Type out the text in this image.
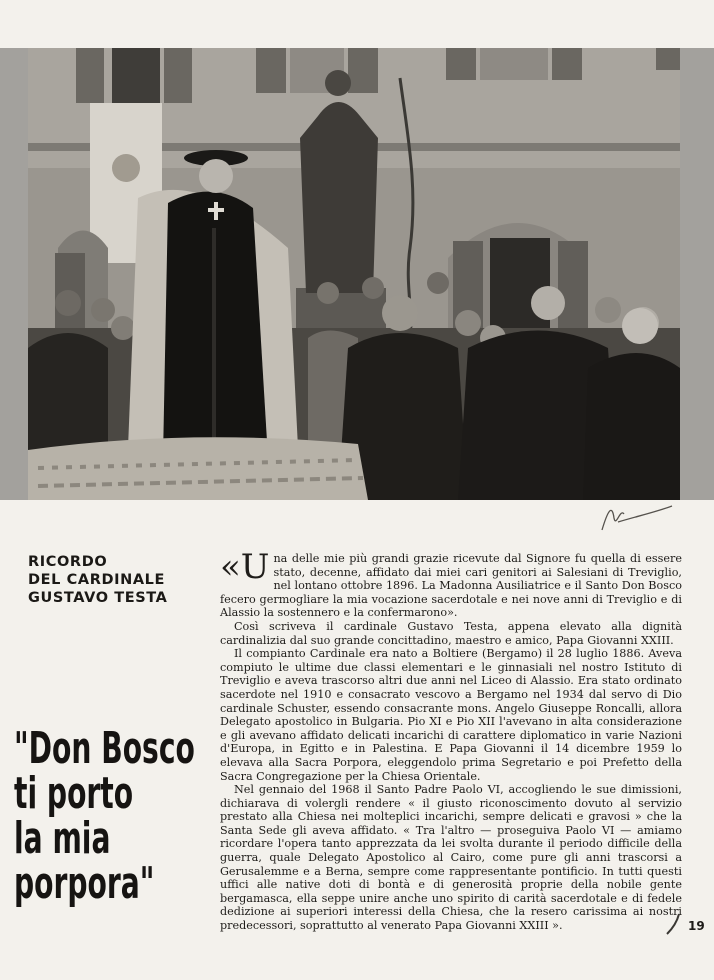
RICORDO
DEL CARDINALE
GUSTAVO TESTA
"Don Bosco
ti porto
la mia
porpora"

«Una delle mie più grandi grazie ricevute dal Signore fu quella di essere stato, decenne, affidato dai miei cari genitori ai Salesiani di Treviglio, nel lontano ottobre 1896. La Madonna Ausiliatrice e il Santo Don Bosco fecero germogliare la mia vocazione sacerdotale e nei nove anni di Treviglio e di Alassio la sostennero e la confermarono».

Così scriveva il cardinale Gustavo Testa, appena elevato alla dignità cardinalizia dal suo grande concittadino, maestro e amico, Papa Giovanni XXIII.

Il compianto Cardinale era nato a Boltiere (Bergamo) il 28 luglio 1886. Aveva compiuto le ultime due classi elementari e le ginnasiali nel nostro Istituto di Treviglio e aveva trascorso altri due anni nel Liceo di Alassio. Era stato ordinato sacerdote nel 1910 e consacrato vescovo a Bergamo nel 1934 dal servo di Dio cardinale Schuster, essendo consacrante mons. Angelo Giuseppe Roncalli, allora Delegato apostolico in Bulgaria. Pio XI e Pio XII l'avevano in alta considerazione e gli avevano affidato delicati incarichi di carattere diplomatico in varie Nazioni d'Europa, in Egitto e in Palestina. E Papa Giovanni il 14 dicembre 1959 lo elevava alla Sacra Porpora, eleggendolo prima Segretario e poi Prefetto della Sacra Congregazione per la Chiesa Orientale.

Nel gennaio del 1968 il Santo Padre Paolo VI, accogliendo le sue dimissioni, dichiarava di volergli rendere « il giusto riconoscimento dovuto al servizio prestato alla Chiesa nei molteplici incarichi, sempre delicati e gravosi » che la Santa Sede gli aveva affidato. « Tra l'altro — proseguiva Paolo VI — amiamo ricordare l'opera tanto apprezzata da lei svolta durante il periodo difficile della guerra, quale Delegato Apostolico al Cairo, come pure gli anni trascorsi a Gerusalemme e a Berna, sempre come rappresentante pontificio. In tutti questi uffici alle native doti di bontà e di generosità proprie della nobile gente bergamasca, ella seppe unire anche uno spirito di carità sacerdotale e di fedele dedizione ai superiori interessi della Chiesa, che la resero carissima ai nostri predecessori, soprattutto al venerato Papa Giovanni XXIII ».	19
